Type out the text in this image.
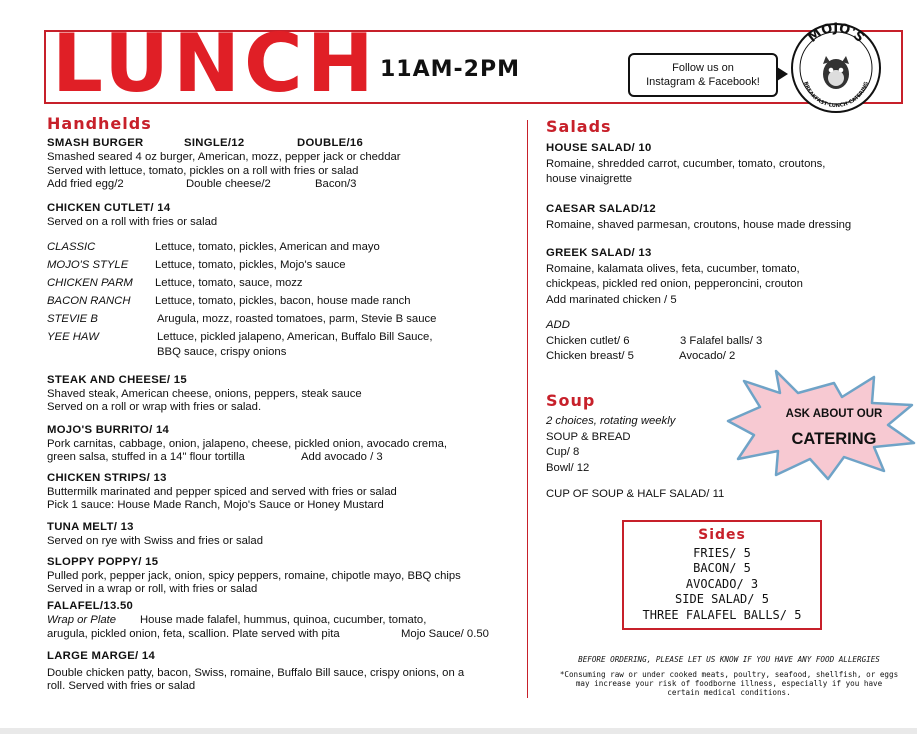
LUNCH 11AM-2PM	Follow us on
Instagram & Facebook!
MOJO'S
BREAKFAST·LUNCH·CATERING
Handhelds
SMASH BURGER	SINGLE/12	DOUBLE/16
Smashed seared 4 oz burger, American, mozz, pepper jack or cheddar
Served with lettuce, tomato, pickles on a roll with fries or salad
Add fried egg/2	Double cheese/2	Bacon/3
CHICKEN CUTLET/ 14
Served on a roll with fries or salad
CLASSIC	Lettuce, tomato, pickles, American and mayo
MOJO'S STYLE Lettuce, tomato, pickles, Mojo's sauce
CHICKEN PARM Lettuce, tomato, sauce, mozz
BACON RANCH Lettuce, tomato, pickles, bacon, house made ranch
STEVIE B	Arugula, mozz, roasted tomatoes, parm, Stevie B sauce
YEE HAW	Lettuce, pickled jalapeno, American, Buffalo Bill Sauce,
BBQ sauce, crispy onions
STEAK AND CHEESE/ 15
Shaved steak, American cheese, onions, peppers, steak sauce
Served on a roll or wrap with fries or salad.
MOJO'S BURRITO/ 14
Pork carnitas, cabbage, onion, jalapeno, cheese, pickled onion, avocado crema,
green salsa, stuffed in a 14" flour tortilla	Add avocado / 3
CHICKEN STRIPS/ 13
Buttermilk marinated and pepper spiced and served with fries or salad
Pick 1 sauce: House Made Ranch, Mojo's Sauce or Honey Mustard
TUNA MELT/ 13
Served on rye with Swiss and fries or salad
SLOPPY POPPY/ 15
Pulled pork, pepper jack, onion, spicy peppers, romaine, chipotle mayo, BBQ chips
Served in a wrap or roll, with fries or salad
FALAFEL/13.50
Wrap or Plate House made falafel, hummus, quinoa, cucumber, tomato,
arugula, pickled onion, feta, scallion. Plate served with pita	Mojo Sauce/ 0.50
LARGE MARGE/ 14
Double chicken patty, bacon, Swiss, romaine, Buffalo Bill sauce, crispy onions, on a
roll. Served with fries or salad
Salads
HOUSE SALAD/ 10
Romaine, shredded carrot, cucumber, tomato, croutons,
house vinaigrette
CAESAR SALAD/12
Romaine, shaved parmesan, croutons, house made dressing
GREEK SALAD/ 13
Romaine, kalamata olives, feta, cucumber, tomato,
chickpeas, pickled red onion, pepperoncini, crouton
Add marinated chicken / 5
ADD
Chicken cutlet/ 6	3 Falafel balls/ 3
Chicken breast/ 5	Avocado/ 2
Soup
2 choices, rotating weekly
SOUP & BREAD
Cup/ 8
Bowl/ 12
CUP OF SOUP & HALF SALAD/ 11
ASK ABOUT OUR
CATERING
Sides
FRIES/ 5
BACON/ 5
AVOCADO/ 3
SIDE SALAD/ 5
THREE FALAFEL BALLS/ 5
BEFORE ORDERING, PLEASE LET US KNOW IF YOU HAVE ANY FOOD ALLERGIES
*Consuming raw or under cooked meats, poultry, seafood, shellfish, or eggs
may increase your risk of foodborne illness, especially if you have
certain medical conditions.
